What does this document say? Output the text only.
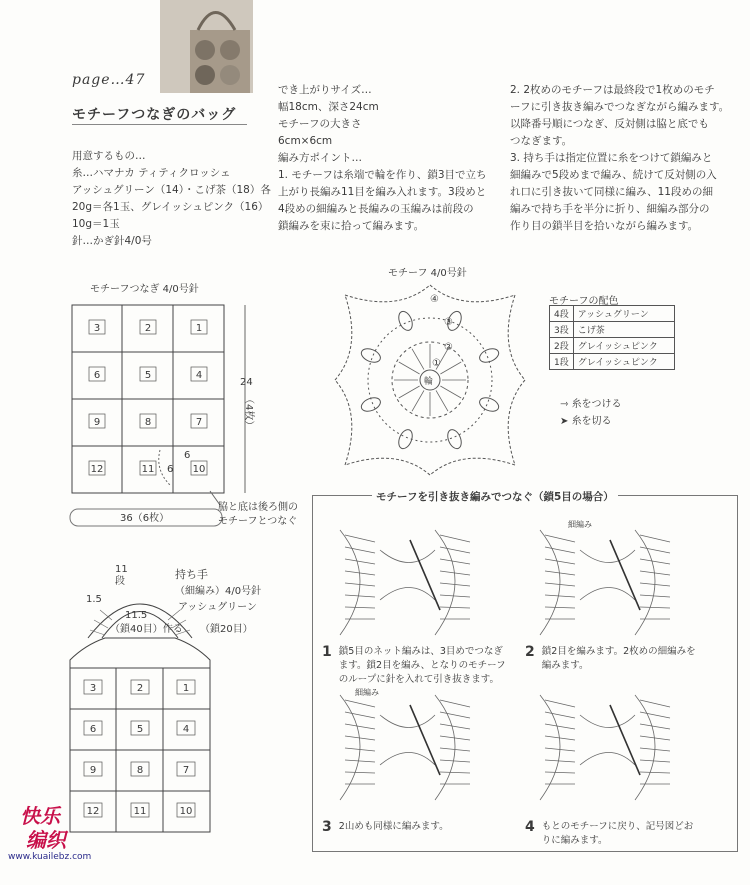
page…47
モチーフつなぎのバッグ
用意するもの…
糸…ハマナカ ティティクロッシェ
アッシュグリーン（14）・こげ茶（18）各
20g＝各1玉、グレイッシュピンク（16）
10g＝1玉
針…かぎ針4/0号
でき上がりサイズ…
幅18cm、深さ24cm
モチーフの大きさ
6cm×6cm
編み方ポイント…
1. モチーフは糸端で輪を作り、鎖3目で立ち
上がり長編み11目を編み入れます。3段めと
4段めの細編みと長編みの玉編みは前段の
鎖編みを束に拾って編みます。
2. 2枚めのモチーフは最終段で1枚めのモチ
ーフに引き抜き編みでつなぎながら編みます。
以降番号順につなぎ、反対側は脇と底でも
つなぎます。
3. 持ち手は指定位置に糸をつけて鎖編みと
細編みで5段めまで編み、続けて反対側の入
れ口に引き抜いて同様に編み、11段めの細
編みで持ち手を半分に折り、細編み部分の
作り目の鎖半目を拾いながら編みます。
モチーフつなぎ 4/0号針
3	2	1
6	5	4
9	8	7
12	11	10
24
（4枚）
6
6
36（6枚）
脇と底は後ろ側の
モチーフとつなぐ
3	2	1
6	5	4
9	8	7
12	11	10
11
段
持ち手
（細編み）4/0号針
アッシュグリーン
1.5
11.5
（鎖40目）作る （鎖20目）
モチーフ 4/0号針
輪
④
③
②
①
モチーフの配色
4段	アッシュグリーン
3段	こげ茶
2段	グレイッシュピンク
1段	グレイッシュピンク
⇾ 糸をつける
➤ 糸を切る
モチーフを引き抜き編みでつなぐ（鎖5目の場合）
細編み
細編み
1 鎖5目のネット編みは、3目めでつなぎ
ます。鎖2目を編み、となりのモチーフ
のループに針を入れて引き抜きます。
2 鎖2目を編みます。2枚めの細編みを
編みます。
3 2山めも同様に編みます。	4 もとのモチーフに戻り、記号図どお
りに編みます。
快乐
编织
www.kuailebz.com
